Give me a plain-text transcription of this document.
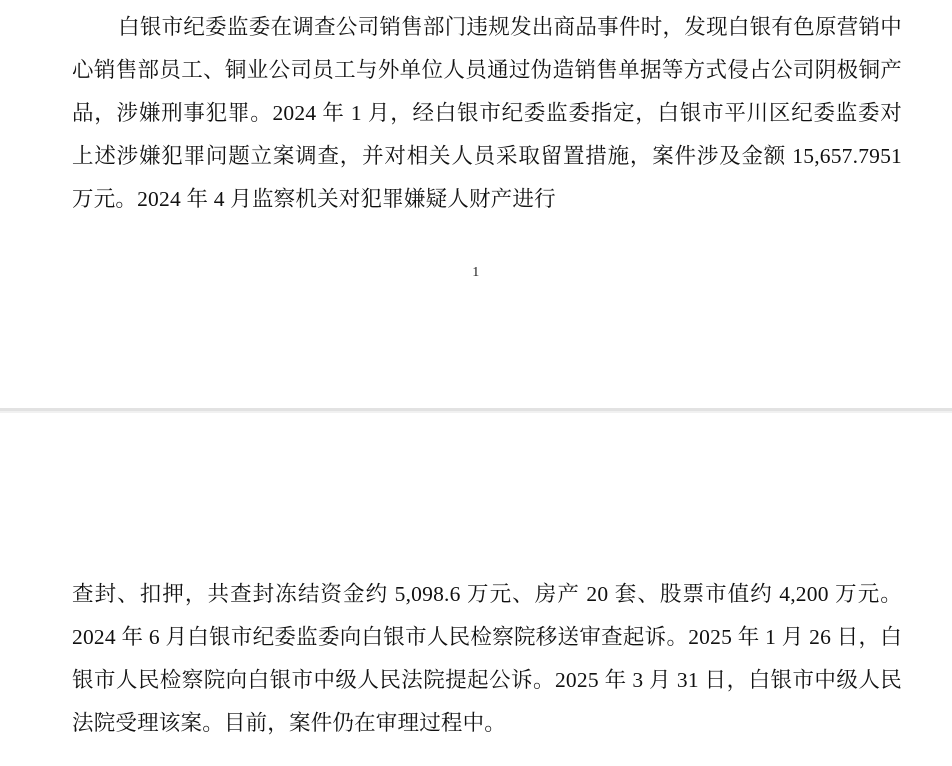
白银市纪委监委在调查公司销售部门违规发出商品事件时，发现白银有色原营销中心销售部员工、铜业公司员工与外单位人员通过伪造销售单据等方式侵占公司阴极铜产品，涉嫌刑事犯罪。2024 年 1 月，经白银市纪委监委指定，白银市平川区纪委监委对上述涉嫌犯罪问题立案调查，并对相关人员采取留置措施，案件涉及金额 15,657.7951 万元。2024 年 4 月监察机关对犯罪嫌疑人财产进行
1
查封、扣押，共查封冻结资金约 5,098.6 万元、房产 20 套、股票市值约 4,200 万元。2024 年 6 月白银市纪委监委向白银市人民检察院移送审查起诉。2025 年 1 月 26 日，白银市人民检察院向白银市中级人民法院提起公诉。2025 年 3 月 31 日，白银市中级人民法院受理该案。目前，案件仍在审理过程中。
